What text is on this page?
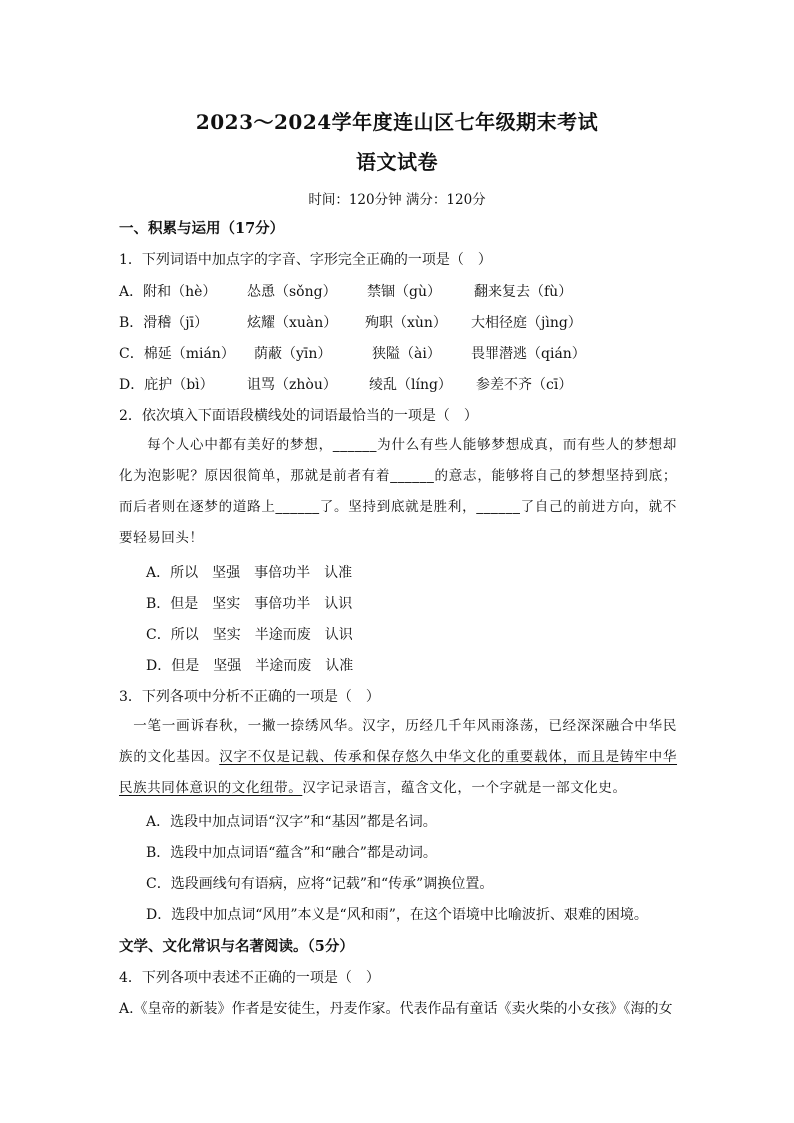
2023～2024学年度连山区七年级期末考试
语文试卷
时间：120分钟 满分：120分
一、积累与运用（17分）
1．下列词语中加点字的字音、字形完全正确的一项是（　）
A．附和（hè） 怂恿（sǒng） 禁锢（gù） 翻来复去（fù）
B．滑稽（jī）	炫耀（xuàn） 殉职（xùn） 大相径庭（jìng）
C．棉延（mián） 荫蔽（yīn）	狭隘（ài） 畏罪潜逃（qián）
D．庇护（bì） 诅骂（zhòu） 绫乱（líng） 参差不齐（cī）
2．依次填入下面语段横线处的词语最恰当的一项是（　）
每个人心中都有美好的梦想，______为什么有些人能够梦想成真，而有些人的梦想却化为泡影呢？原因很简单，那就是前者有着______的意志，能够将自己的梦想坚持到底；而后者则在逐梦的道路上______了。坚持到底就是胜利，______了自己的前进方向，就不要轻易回头！
A．所以　坚强　事倍功半　认准
B．但是　坚实　事倍功半　认识
C．所以　坚实　半途而废　认识
D．但是　坚强　半途而废　认准
3．下列各项中分析不正确的一项是（　）
一笔一画诉春秋，一撇一捺绣风华。汉字，历经几千年风雨涤荡，已经深深融合中华民族的文化基因。汉字不仅是记载、传承和保存悠久中华文化的重要载体，而且是铸牢中华民族共同体意识的文化纽带。汉字记录语言，蕴含文化，一个字就是一部文化史。
A．选段中加点词语“汉字”和“基因”都是名词。
B．选段中加点词语“蕴含”和“融合”都是动词。
C．选段画线句有语病，应将“记载”和“传承”调换位置。
D．选段中加点词“风用”本义是“风和雨”，在这个语境中比喻波折、艰难的困境。
文学、文化常识与名著阅读。（5分）
4．下列各项中表述不正确的一项是（　）
A.《皇帝的新装》作者是安徒生，丹麦作家。代表作品有童话《卖火柴的小女孩》《海的女
